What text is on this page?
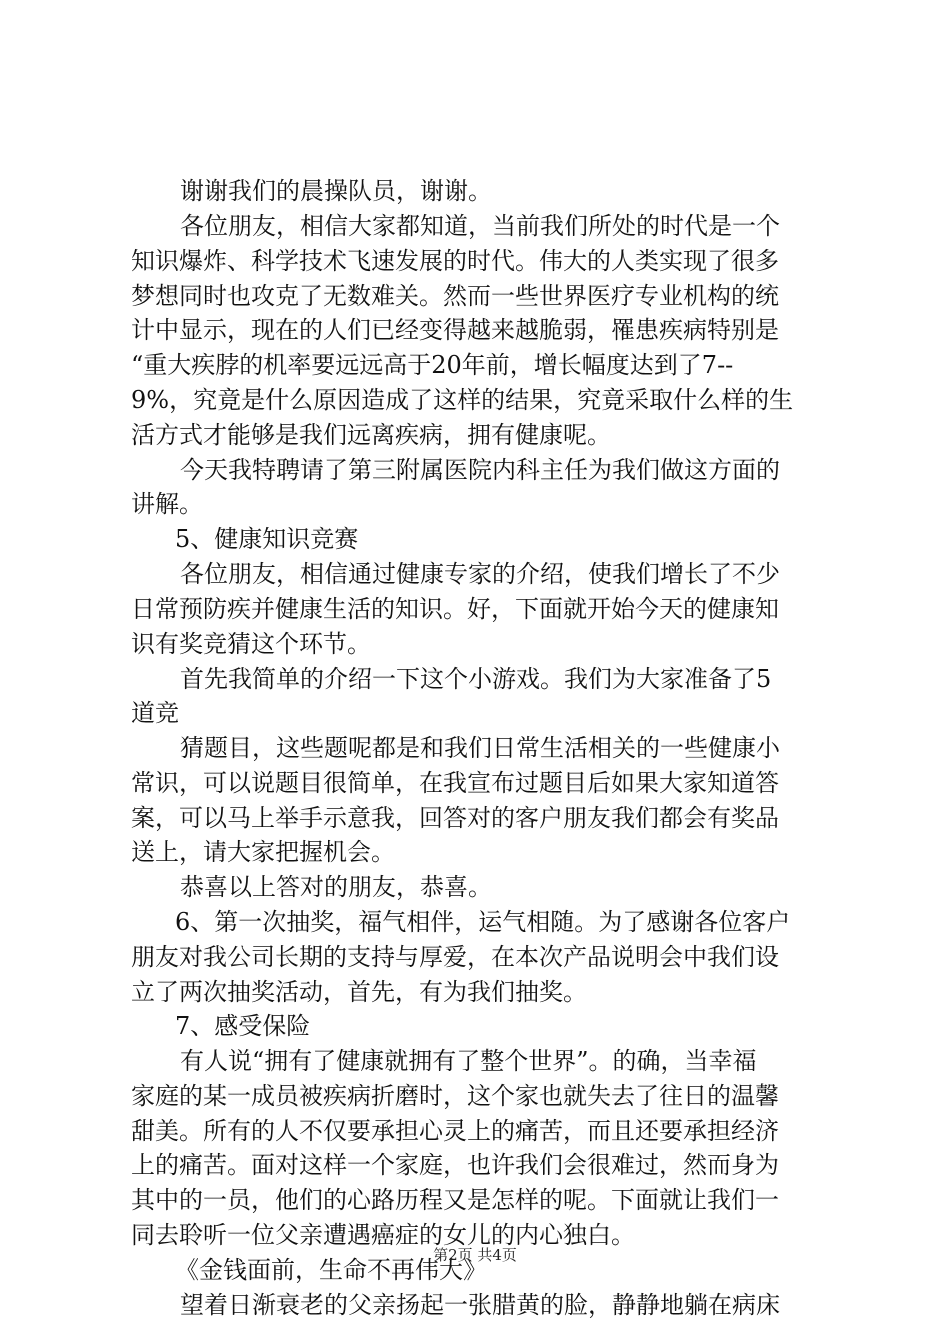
谢谢我们的晨操队员，谢谢。
各位朋友，相信大家都知道，当前我们所处的时代是一个
知识爆炸、科学技术飞速发展的时代。伟大的人类实现了很多
梦想同时也攻克了无数难关。然而一些世界医疗专业机构的统
计中显示，现在的人们已经变得越来越脆弱，罹患疾病特别是
“重大疾脖的机率要远远高于20年前，增长幅度达到了7--
9%，究竟是什么原因造成了这样的结果，究竟采取什么样的生
活方式才能够是我们远离疾病，拥有健康呢。
今天我特聘请了第三附属医院内科主任为我们做这方面的
讲解。
5、健康知识竞赛
各位朋友，相信通过健康专家的介绍，使我们增长了不少
日常预防疾并健康生活的知识。好，下面就开始今天的健康知
识有奖竞猜这个环节。
首先我简单的介绍一下这个小游戏。我们为大家准备了5
道竞
猜题目，这些题呢都是和我们日常生活相关的一些健康小
常识，可以说题目很简单，在我宣布过题目后如果大家知道答
案，可以马上举手示意我，回答对的客户朋友我们都会有奖品
送上，请大家把握机会。
恭喜以上答对的朋友，恭喜。
6、第一次抽奖，福气相伴，运气相随。为了感谢各位客户
朋友对我公司长期的支持与厚爱，在本次产品说明会中我们设
立了两次抽奖活动，首先，有为我们抽奖。
7、感受保险
有人说“拥有了健康就拥有了整个世界”。的确，当幸福
家庭的某一成员被疾病折磨时，这个家也就失去了往日的温馨
甜美。所有的人不仅要承担心灵上的痛苦，而且还要承担经济
上的痛苦。面对这样一个家庭，也许我们会很难过，然而身为
其中的一员，他们的心路历程又是怎样的呢。下面就让我们一
同去聆听一位父亲遭遇癌症的女儿的内心独白。
《金钱面前，生命不再伟大》
望着日渐衰老的父亲扬起一张腊黄的脸，静静地躺在病床
第2页 共4页
